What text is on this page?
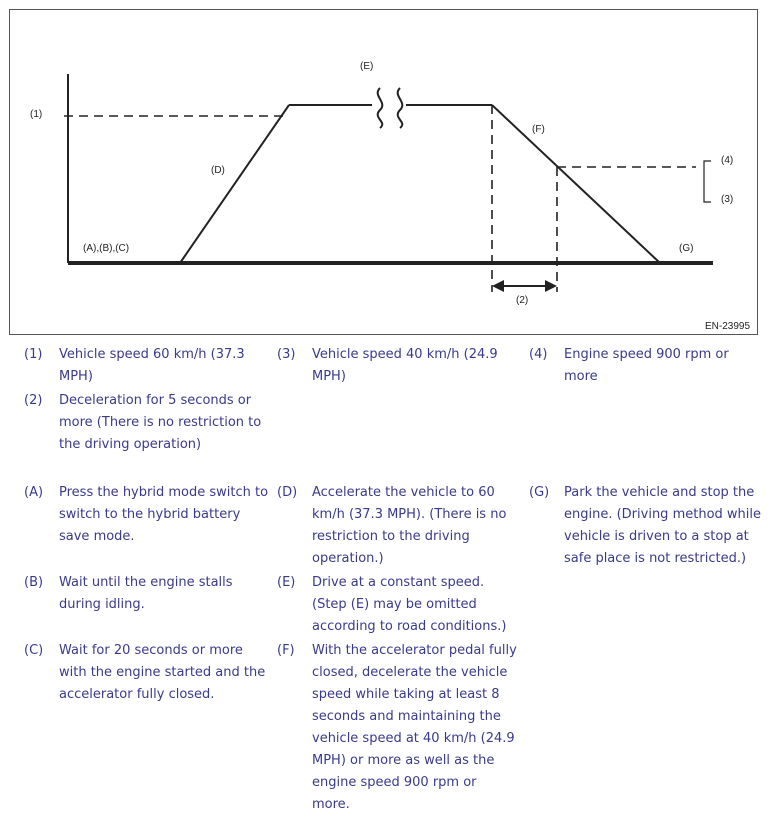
(1)
(E)
(D)
(F)
(4)
(3)
(A),(B),(C)	(G)
(2)
EN-23995
(1) Vehicle speed 60 km/h (37.3 MPH)
(3) Vehicle speed 40 km/h (24.9 MPH)
(4) Engine speed 900 rpm or more
(2) Deceleration for 5 seconds or more (There is no restriction to the driving operation)
(A) Press the hybrid mode switch to switch to the hybrid battery save mode.
(B) Wait until the engine stalls during idling.
(C) Wait for 20 seconds or more with the engine started and the accelerator fully closed.
(D) Accelerate the vehicle to 60 km/h (37.3 MPH). (There is no restriction to the driving operation.)
(E) Drive at a constant speed. (Step (E) may be omitted according to road conditions.)
(F) With the accelerator pedal fully closed, decelerate the vehicle speed while taking at least 8 seconds and maintaining the vehicle speed at 40 km/h (24.9 MPH) or more as well as the engine speed 900 rpm or more.
(G) Park the vehicle and stop the engine. (Driving method while vehicle is driven to a stop at safe place is not restricted.)
